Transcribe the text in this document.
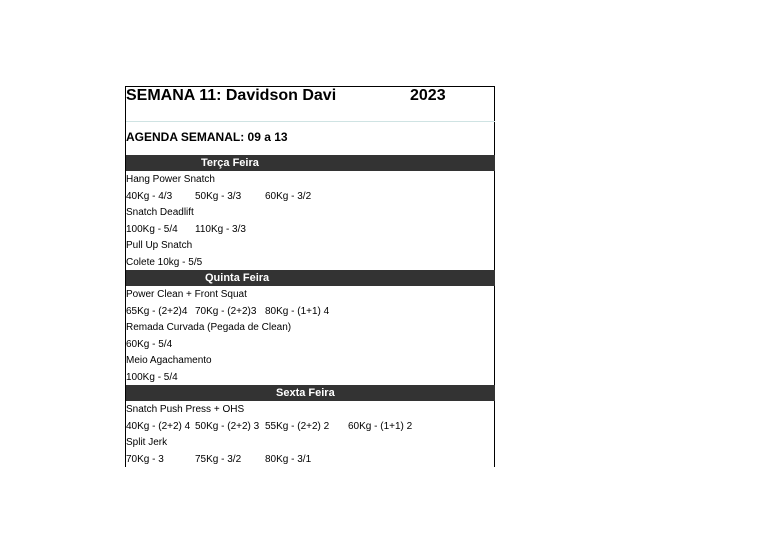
SEMANA 11: Davidson Davi	2023
AGENDA SEMANAL: 09 a 13
Terça Feira
Hang Power Snatch
40Kg - 4/3 50Kg - 3/3 60Kg - 3/2
Snatch Deadlift
100Kg - 5/4 110Kg - 3/3
Pull Up Snatch
Colete 10kg - 5/5
Quinta Feira
Power Clean + Front Squat
65Kg - (2+2)4 70Kg - (2+2)3 80Kg - (1+1) 4
Remada Curvada (Pegada de Clean)
60Kg - 5/4
Meio Agachamento
100Kg - 5/4
Sexta Feira
Snatch Push Press + OHS
40Kg - (2+2) 4 50Kg - (2+2) 3 55Kg - (2+2) 2 60Kg - (1+1) 2
Split Jerk
70Kg - 3	75Kg - 3/2 80Kg - 3/1
